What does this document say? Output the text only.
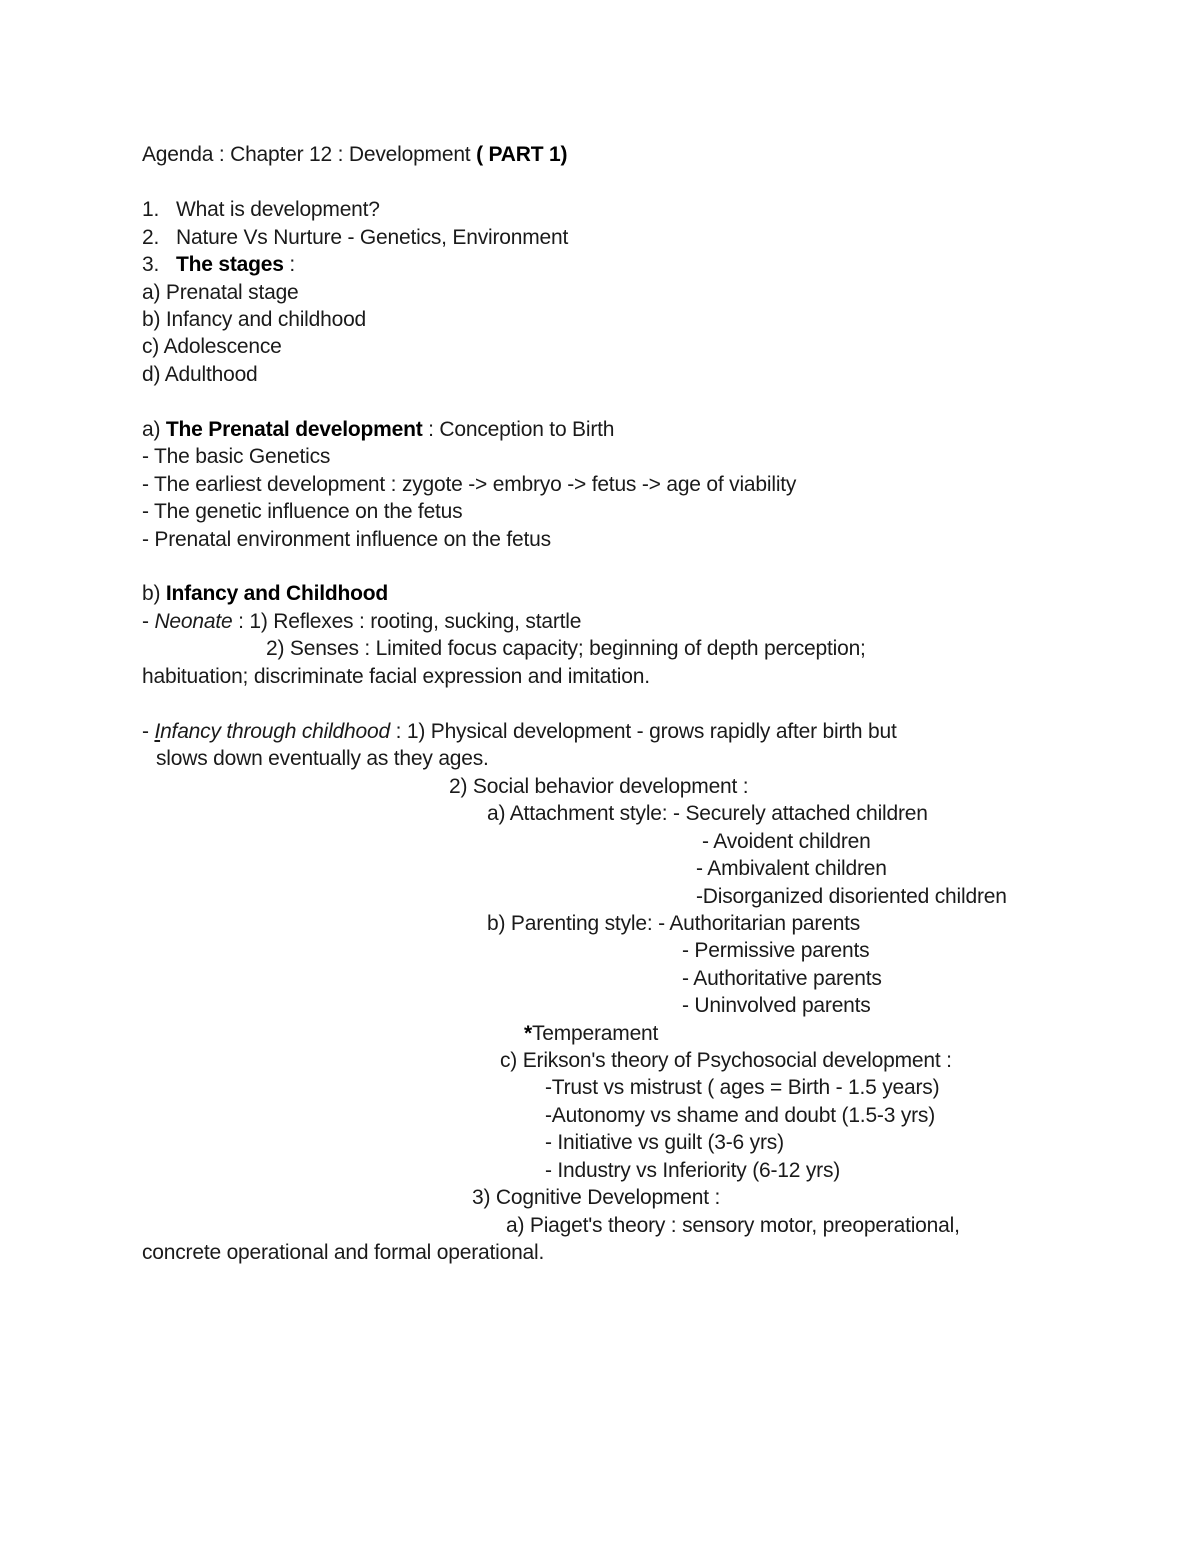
Agenda : Chapter 12 : Development ( PART 1)
1. What is development?
2. Nature Vs Nurture - Genetics, Environment
3. The stages :
a) Prenatal stage
b) Infancy and childhood
c) Adolescence
d) Adulthood
a) The Prenatal development : Conception to Birth
- The basic Genetics
- The earliest development : zygote -> embryo -> fetus -> age of viability
- The genetic influence on the fetus
- Prenatal environment influence on the fetus
b) Infancy and Childhood
- Neonate : 1) Reflexes : rooting, sucking, startle
2) Senses : Limited focus capacity; beginning of depth perception;
habituation; discriminate facial expression and imitation.
- Infancy through childhood : 1) Physical development - grows rapidly after birth but
slows down eventually as they ages.
2) Social behavior development :
a) Attachment style: - Securely attached children
- Avoident children
- Ambivalent children
-Disorganized disoriented children
b) Parenting style: - Authoritarian parents
- Permissive parents
- Authoritative parents
- Uninvolved parents
*Temperament
c) Erikson's theory of Psychosocial development :
-Trust vs mistrust ( ages = Birth - 1.5 years)
-Autonomy vs shame and doubt (1.5-3 yrs)
- Initiative vs guilt (3-6 yrs)
- Industry vs Inferiority (6-12 yrs)
3) Cognitive Development :
a) Piaget's theory : sensory motor, preoperational,
concrete operational and formal operational.
